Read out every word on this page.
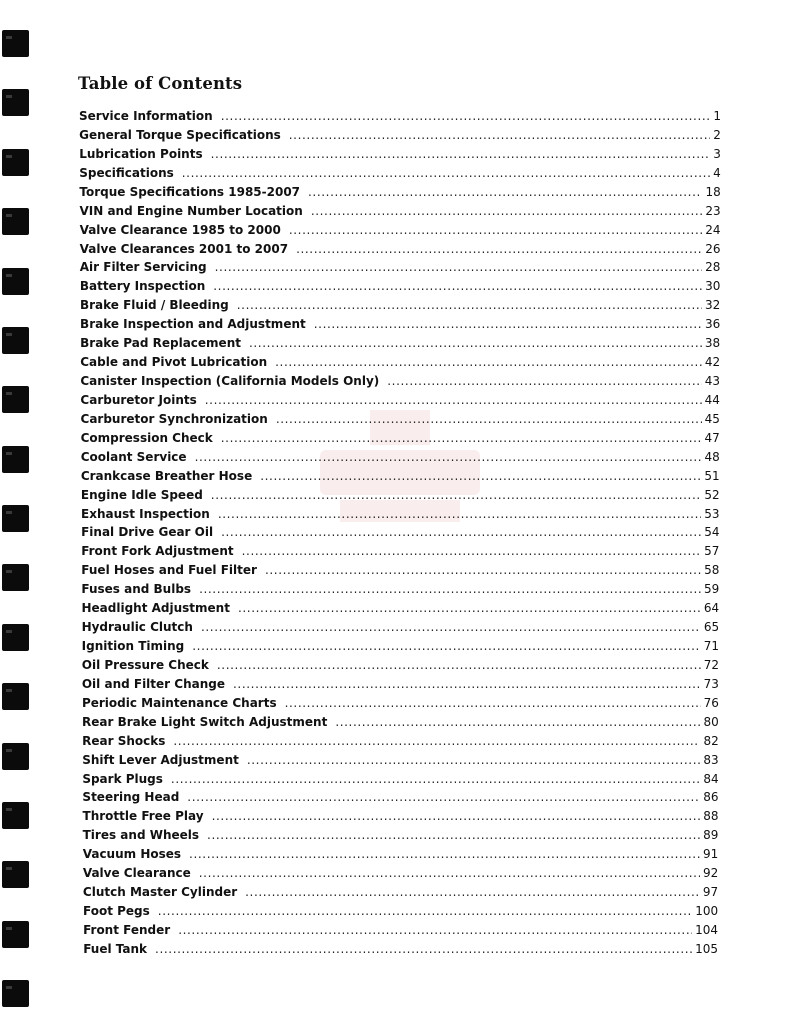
Table of Contents
Service Information .....	1
General Torque Specifications .....	2
Lubrication Points .....	3
Specifications .....	4
Torque Specifications 1985-2007 .....	18
VIN and Engine Number Location .....	23
Valve Clearance 1985 to 2000 .....	24
Valve Clearances 2001 to 2007 .....	26
Air Filter Servicing .....	28
Battery Inspection .....	30
Brake Fluid / Bleeding .....	32
Brake Inspection and Adjustment .....	36
Brake Pad Replacement .....	38
Cable and Pivot Lubrication .....	42
Canister Inspection (California Models Only) .....	43
Carburetor Joints .....	44
Carburetor Synchronization .....	45
Compression Check .....	47
Coolant Service .....	48
Crankcase Breather Hose .....	51
Engine Idle Speed .....	52
Exhaust Inspection .....	53
Final Drive Gear Oil .....	54
Front Fork Adjustment .....	57
Fuel Hoses and Fuel Filter .....	58
Fuses and Bulbs .....	59
Headlight Adjustment .....	64
Hydraulic Clutch .....	65
Ignition Timing .....	71
Oil Pressure Check .....	72
Oil and Filter Change .....	73
Periodic Maintenance Charts .....	76
Rear Brake Light Switch Adjustment .....	80
Rear Shocks .....	82
Shift Lever Adjustment .....	83
Spark Plugs .....	84
Steering Head .....	86
Throttle Free Play .....	88
Tires and Wheels .....	89
Vacuum Hoses .....	91
Valve Clearance .....	92
Clutch Master Cylinder .....	97
Foot Pegs .....	100
Front Fender .....	104
Fuel Tank .....	105
